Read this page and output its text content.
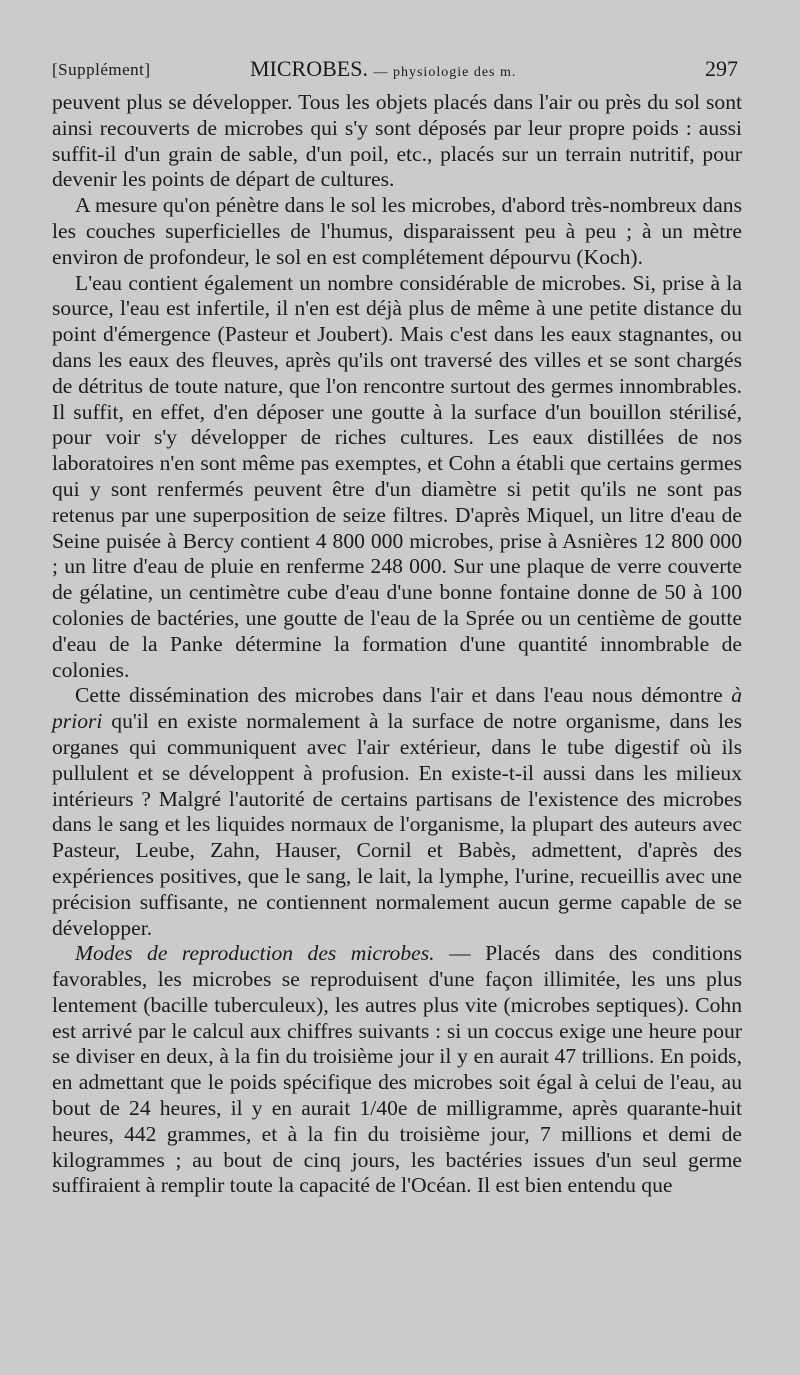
[Supplément]	MICROBES. — physiologie des m.	297

peuvent plus se développer. Tous les objets placés dans l'air ou près du sol sont ainsi recouverts de microbes qui s'y sont déposés par leur propre poids : aussi suffit-il d'un grain de sable, d'un poil, etc., placés sur un terrain nutritif, pour devenir les points de départ de cultures.

A mesure qu'on pénètre dans le sol les microbes, d'abord très-nombreux dans les couches superficielles de l'humus, disparaissent peu à peu ; à un mètre environ de profondeur, le sol en est complétement dépourvu (Koch).

L'eau contient également un nombre considérable de microbes. Si, prise à la source, l'eau est infertile, il n'en est déjà plus de même à une petite distance du point d'émergence (Pasteur et Joubert). Mais c'est dans les eaux stagnantes, ou dans les eaux des fleuves, après qu'ils ont traversé des villes et se sont chargés de détritus de toute nature, que l'on rencontre surtout des germes innombrables. Il suffit, en effet, d'en déposer une goutte à la surface d'un bouillon stérilisé, pour voir s'y développer de riches cultures. Les eaux distillées de nos laboratoires n'en sont même pas exemptes, et Cohn a établi que certains germes qui y sont renfermés peuvent être d'un diamètre si petit qu'ils ne sont pas retenus par une superposition de seize filtres. D'après Miquel, un litre d'eau de Seine puisée à Bercy contient 4 800 000 microbes, prise à Asnières 12 800 000 ; un litre d'eau de pluie en renferme 248 000. Sur une plaque de verre couverte de gélatine, un centimètre cube d'eau d'une bonne fontaine donne de 50 à 100 colonies de bactéries, une goutte de l'eau de la Sprée ou un centième de goutte d'eau de la Panke détermine la formation d'une quantité innombrable de colonies.

Cette dissémination des microbes dans l'air et dans l'eau nous démontre à priori qu'il en existe normalement à la surface de notre organisme, dans les organes qui communiquent avec l'air extérieur, dans le tube digestif où ils pullulent et se développent à profusion. En existe-t-il aussi dans les milieux intérieurs ? Malgré l'autorité de certains partisans de l'existence des microbes dans le sang et les liquides normaux de l'organisme, la plupart des auteurs avec Pasteur, Leube, Zahn, Hauser, Cornil et Babès, admettent, d'après des expériences positives, que le sang, le lait, la lymphe, l'urine, recueillis avec une précision suffisante, ne contiennent normalement aucun germe capable de se développer.

Modes de reproduction des microbes. — Placés dans des conditions favorables, les microbes se reproduisent d'une façon illimitée, les uns plus lentement (bacille tuberculeux), les autres plus vite (microbes septiques). Cohn est arrivé par le calcul aux chiffres suivants : si un coccus exige une heure pour se diviser en deux, à la fin du troisième jour il y en aurait 47 trillions. En poids, en admettant que le poids spécifique des microbes soit égal à celui de l'eau, au bout de 24 heures, il y en aurait 1/40e de milligramme, après quarante-huit heures, 442 grammes, et à la fin du troisième jour, 7 millions et demi de kilogrammes ; au bout de cinq jours, les bactéries issues d'un seul germe suffiraient à remplir toute la capacité de l'Océan. Il est bien entendu que
